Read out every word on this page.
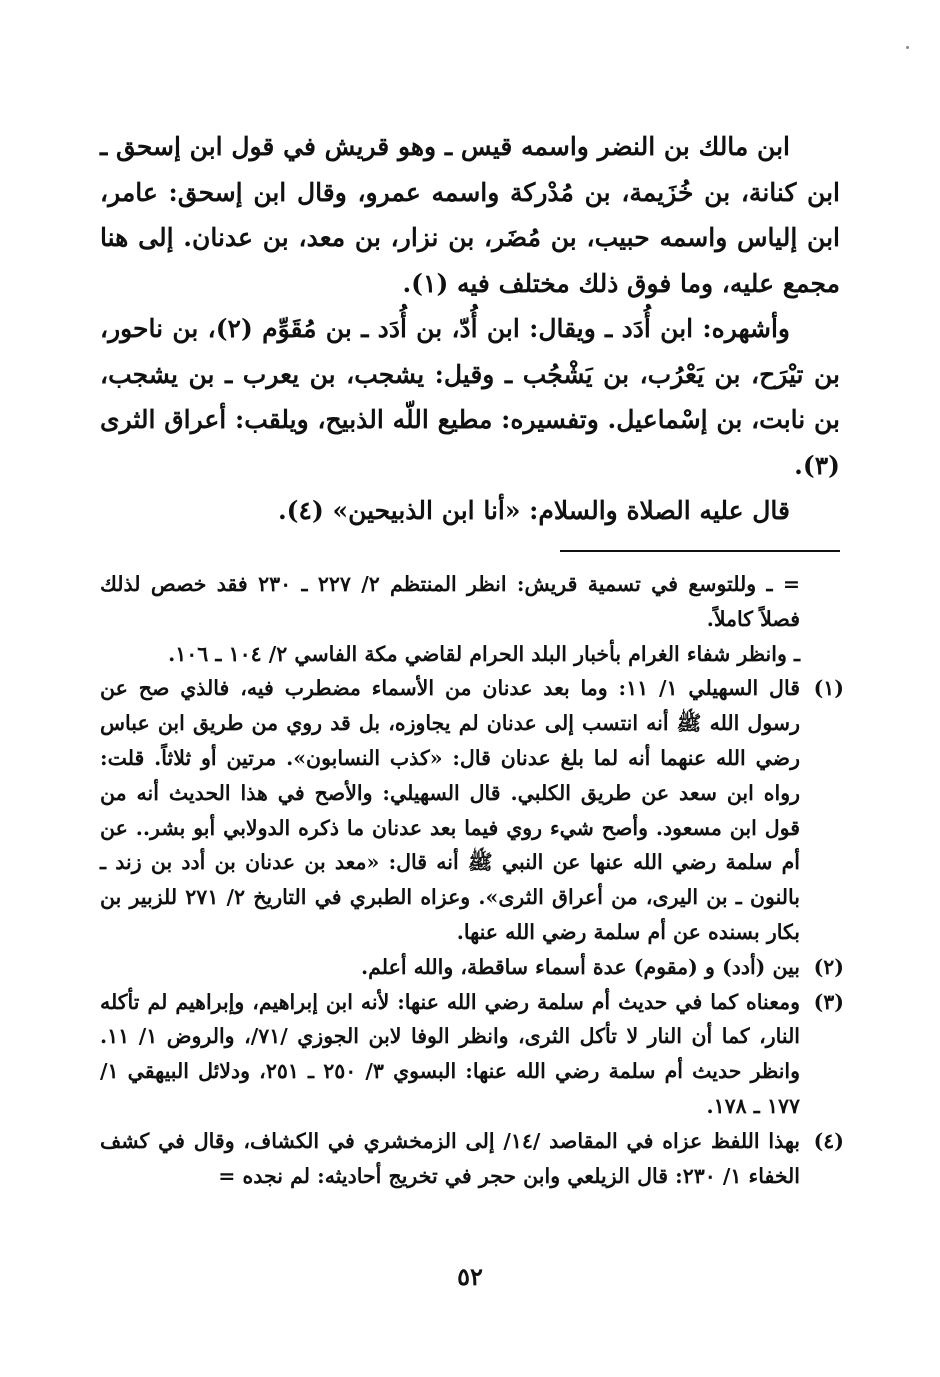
ابن مالك بن النضر واسمه قيس ـ وهو قريش في قول ابن إسحق ـ ابن كنانة، بن خُزَيمة، بن مُدْركة واسمه عمرو، وقال ابن إسحق: عامر، ابن إلياس واسمه حبيب، بن مُضَر، بن نزار، بن معد، بن عدنان. إلى هنا مجمع عليه، وما فوق ذلك مختلف فيه (١).

وأشهره: ابن أُدَد ـ ويقال: ابن أُدّ، بن أُدَد ـ بن مُقَوِّم (٢)، بن ناحور، بن تيْرَح، بن يَعْرُب، بن يَشْجُب ـ وقيل: يشجب، بن يعرب ـ بن يشجب، بن نابت، بن إسْماعيل. وتفسيره: مطيع اللّه الذبيح، ويلقب: أعراق الثرى (٣).

قال عليه الصلاة والسلام: «أنا ابن الذبيحين» (٤).

= ـ وللتوسع في تسمية قريش: انظر المنتظم ٢/ ٢٢٧ ـ ٢٣٠ فقد خصص لذلك فصلاً كاملاً.

ـ وانظر شفاء الغرام بأخبار البلد الحرام لقاضي مكة الفاسي ٢/ ١٠٤ ـ ١٠٦.

(١)
قال السهيلي ١/ ١١: وما بعد عدنان من الأسماء مضطرب فيه، فالذي صح عن رسول الله ﷺ أنه انتسب إلى عدنان لم يجاوزه، بل قد روي من طريق ابن عباس رضي الله عنهما أنه لما بلغ عدنان قال: «كذب النسابون». مرتين أو ثلاثاً. قلت: رواه ابن سعد عن طريق الكلبي. قال السهيلي: والأصح في هذا الحديث أنه من قول ابن مسعود. وأصح شيء روي فيما بعد عدنان ما ذكره الدولابي أبو بشر.. عن أم سلمة رضي الله عنها عن النبي ﷺ أنه قال: «معد بن عدنان بن أدد بن زند ـ بالنون ـ بن اليرى، من أعراق الثرى». وعزاه الطبري في التاريخ ٢/ ٢٧١ للزبير بن بكار بسنده عن أم سلمة رضي الله عنها.
(٢)
بين (أدد) و (مقوم) عدة أسماء ساقطة، والله أعلم.
(٣)
ومعناه كما في حديث أم سلمة رضي الله عنها: لأنه ابن إبراهيم، وإبراهيم لم تأكله النار، كما أن النار لا تأكل الثرى، وانظر الوفا لابن الجوزي /٧١/، والروض ١/ ١١. وانظر حديث أم سلمة رضي الله عنها: البسوي ٣/ ٢٥٠ ـ ٢٥١، ودلائل البيهقي ١/ ١٧٧ ـ ١٧٨.
(٤)
بهذا اللفظ عزاه في المقاصد /١٤/ إلى الزمخشري في الكشاف، وقال في كشف الخفاء ١/ ٢٣٠: قال الزيلعي وابن حجر في تخريج أحاديثه: لم نجده =
٥٢
